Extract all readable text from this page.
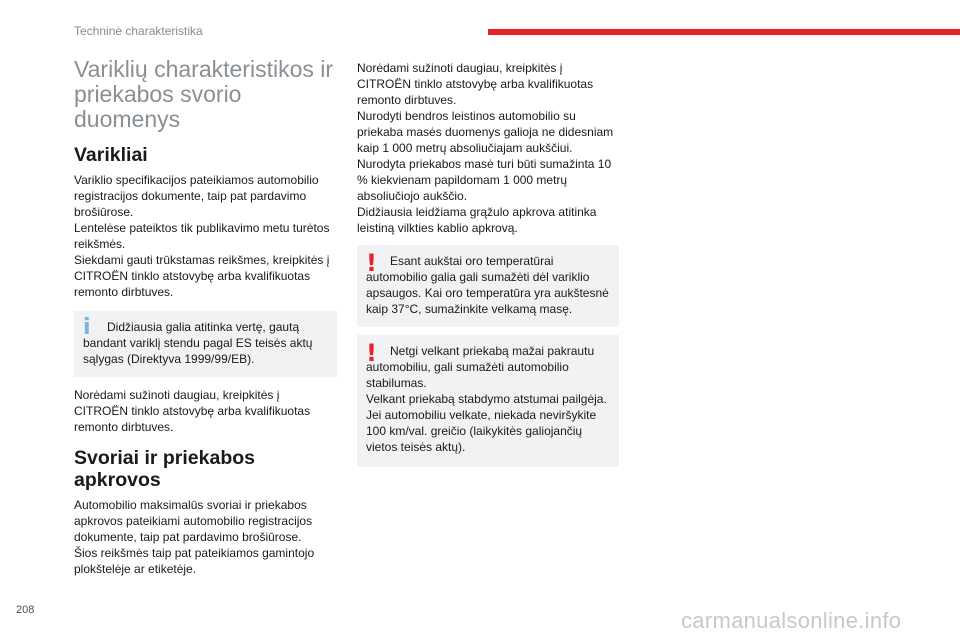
Techninė charakteristika
Variklių charakteristikos ir priekabos svorio duomenys
Varikliai

Variklio specifikacijos pateikiamos automobilio registracijos dokumente, taip pat pardavimo brošiūrose.

Lentelėse pateiktos tik publikavimo metu turėtos reikšmės.

Siekdami gauti trūkstamas reikšmes, kreipkitės į CITROËN tinklo atstovybę arba kvalifikuotas remonto dirbtuves.

i	Didžiausia galia atitinka vertę, gautą bandant variklį stendu pagal ES teisės aktų sąlygas (Direktyva 1999/99/EB).

Norėdami sužinoti daugiau, kreipkitės į CITROËN tinklo atstovybę arba kvalifikuotas remonto dirbtuves.

Svoriai ir priekabos apkrovos

Automobilio maksimalūs svoriai ir priekabos apkrovos pateikiami automobilio registracijos dokumente, taip pat pardavimo brošiūrose.

Šios reikšmės taip pat pateikiamos gamintojo plokštelėje ar etiketėje.

Norėdami sužinoti daugiau, kreipkitės į CITROËN tinklo atstovybę arba kvalifikuotas remonto dirbtuves.

Nurodyti bendros leistinos automobilio su priekaba masės duomenys galioja ne didesniam kaip 1 000 metrų absoliučiajam aukščiui.

Nurodyta priekabos masė turi būti sumažinta 10 % kiekvienam papildomam 1 000 metrų absoliučiojo aukščio.

Didžiausia leidžiama grąžulo apkrova atitinka leistiną vilkties kablio apkrovą.

!	Esant aukštai oro temperatūrai automobilio galia gali sumažėti dėl variklio apsaugos. Kai oro temperatūra yra aukštesnė kaip 37°C, sumažinkite velkamą masę.

!	Netgi velkant priekabą mažai pakrautu automobiliu, gali sumažėti automobilio stabilumas.

Velkant priekabą stabdymo atstumai pailgėja.

Jei automobiliu velkate, niekada neviršykite 100 km/val. greičio (laikykitės galiojančių vietos teisės aktų).

208	carmanualsonline.info
